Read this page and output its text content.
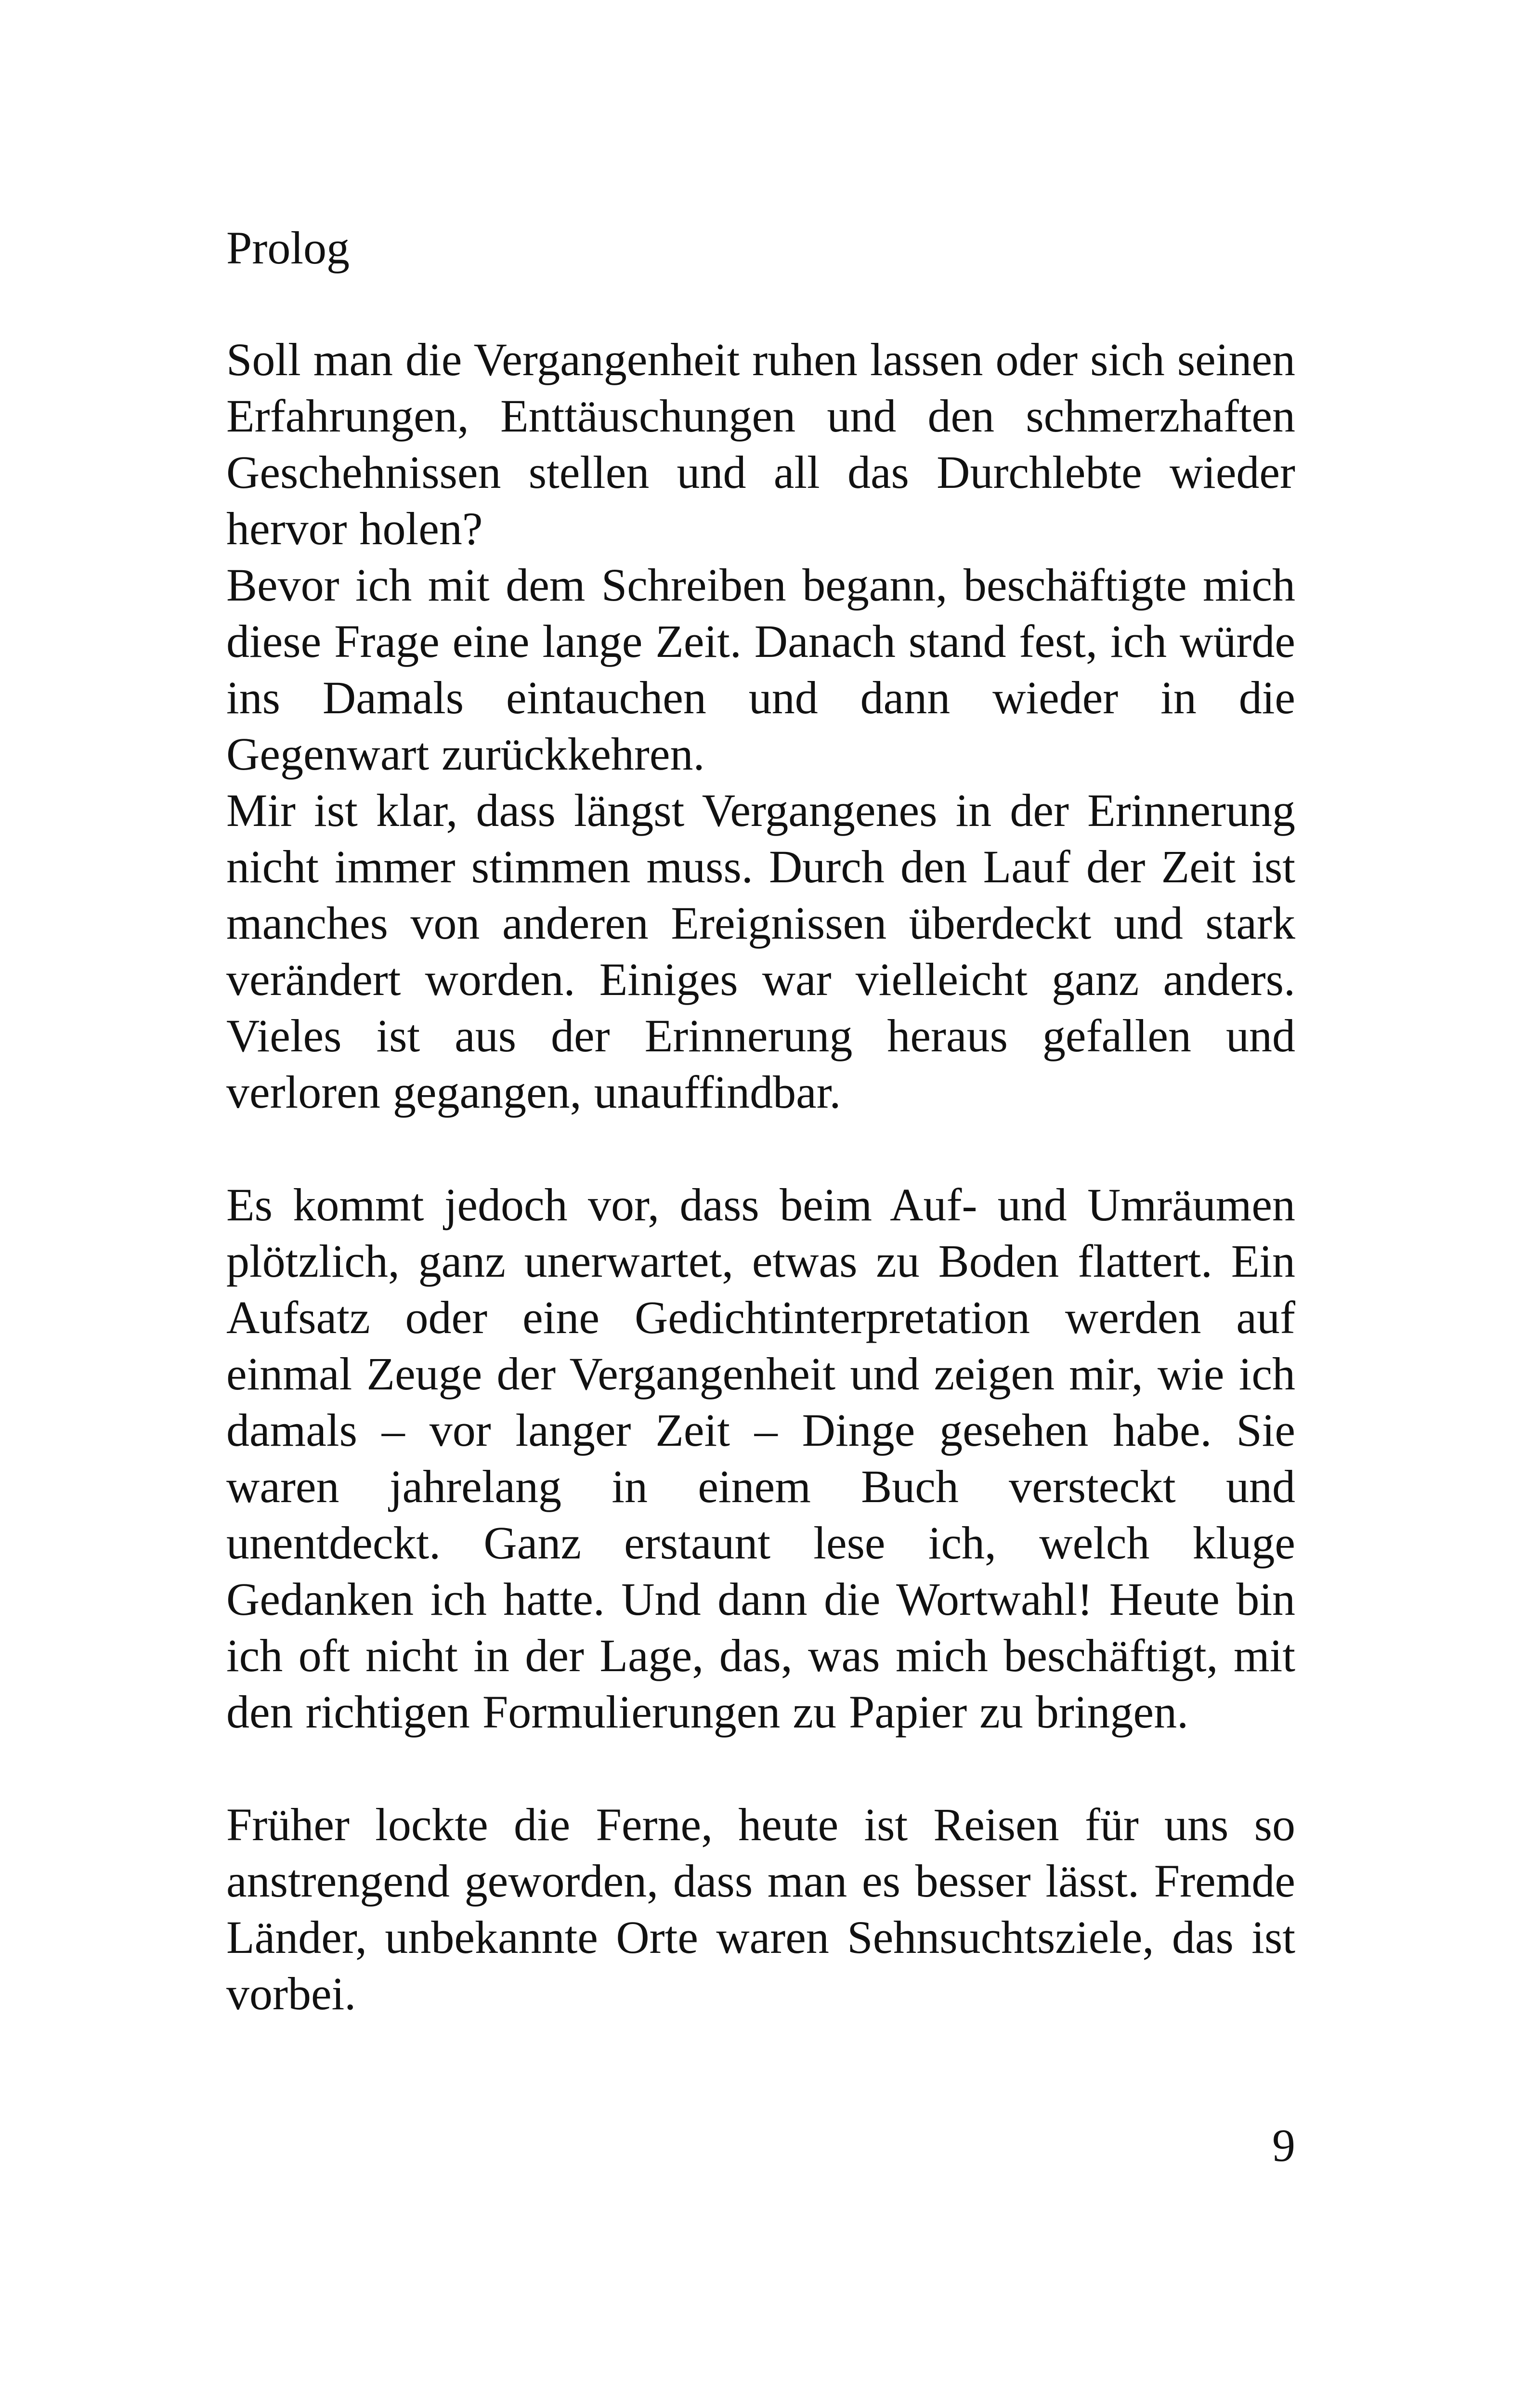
Prolog

Soll man die Vergangenheit ruhen lassen oder sich seinen Erfahrungen, Enttäuschungen und den schmerzhaften Geschehnissen stellen und all das Durchlebte wieder hervor holen?

Bevor ich mit dem Schreiben begann, beschäftigte mich diese Frage eine lange Zeit. Danach stand fest, ich würde ins Damals eintauchen und dann wieder in die Gegenwart zurückkehren.

Mir ist klar, dass längst Vergangenes in der Erinnerung nicht immer stimmen muss. Durch den Lauf der Zeit ist manches von anderen Ereignissen überdeckt und stark verändert worden. Einiges war vielleicht ganz anders. Vieles ist aus der Erinnerung heraus gefallen und verloren gegangen, unauffindbar.

Es kommt jedoch vor, dass beim Auf- und Umräumen plötzlich, ganz unerwartet, etwas zu Boden flattert. Ein Aufsatz oder eine Gedichtinterpretation werden auf einmal Zeuge der Vergangenheit und zeigen mir, wie ich damals – vor langer Zeit – Dinge gesehen habe. Sie waren jahrelang in einem Buch versteckt und unentdeckt. Ganz erstaunt lese ich, welch kluge Gedanken ich hatte. Und dann die Wortwahl! Heute bin ich oft nicht in der Lage, das, was mich beschäftigt, mit den richtigen Formulierungen zu Papier zu bringen.

Früher lockte die Ferne, heute ist Reisen für uns so anstrengend geworden, dass man es besser lässt. Fremde Länder, unbekannte Orte waren Sehnsuchtsziele, das ist vorbei.

9
